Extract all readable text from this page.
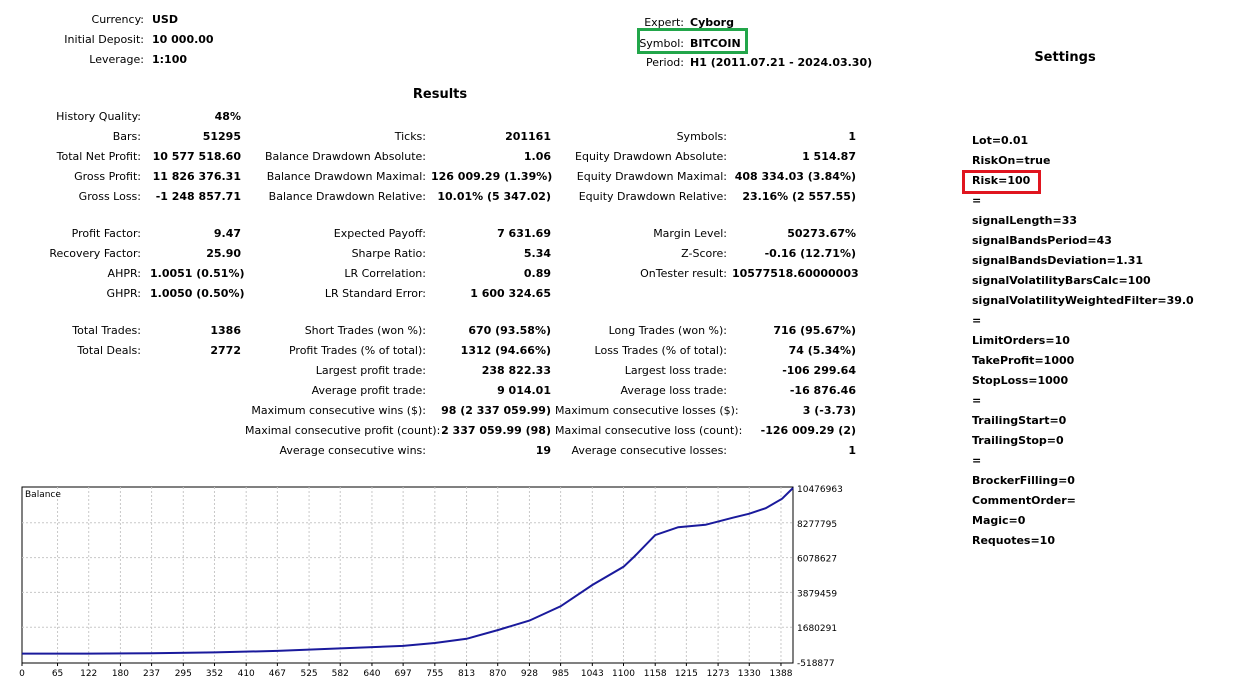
Currency: USD
Initial Deposit: 10 000.00
Leverage: 1:100
Expert: Cyborg
Symbol: BITCOIN
Period: H1 (2011.07.21 - 2024.03.30)
Results
Settings
History Quality:	48%
Bars:	51295	Ticks:	201161	Symbols:	1
Total Net Profit: 10 577 518.60	Balance Drawdown Absolute:	1.06	Equity Drawdown Absolute:	1 514.87
Gross Profit: 11 826 376.31	Balance Drawdown Maximal: 126 009.29 (1.39%)	Equity Drawdown Maximal: 408 334.03 (3.84%)
Gross Loss:	-1 248 857.71	Balance Drawdown Relative:	10.01% (5 347.02)	Equity Drawdown Relative:	23.16% (2 557.55)
Profit Factor:	9.47	Expected Payoff:	7 631.69	Margin Level:	50273.67%
Recovery Factor:	25.90	Sharpe Ratio:	5.34	Z-Score:	-0.16 (12.71%)
AHPR: 1.0051 (0.51%)	LR Correlation:	0.89	OnTester result: 10577518.60000003
GHPR: 1.0050 (0.50%)	LR Standard Error:	1 600 324.65
Total Trades:	1386	Short Trades (won %):	670 (93.58%)	Long Trades (won %):	716 (95.67%)
Total Deals:	2772	Profit Trades (% of total):	1312 (94.66%)	Loss Trades (% of total):	74 (5.34%)
Largest profit trade:	238 822.33	Largest loss trade:	-106 299.64
Average profit trade:	9 014.01	Average loss trade:	-16 876.46
Maximum consecutive wins ($):	98 (2 337 059.99) Maximum consecutive losses ($):	3 (-3.73)
Maximal consecutive profit (count): 2 337 059.99 (98) Maximal consecutive loss (count):	-126 009.29 (2)
Average consecutive wins:	19	Average consecutive losses:	1
Lot=0.01
RiskOn=true
Risk=100
=
signalLength=33
signalBandsPeriod=43
signalBandsDeviation=1.31
signalVolatilityBarsCalc=100
signalVolatilityWeightedFilter=39.0
=
LimitOrders=10
TakeProfit=1000
StopLoss=1000
=
TrailingStart=0
TrailingStop=0
=
BrockerFilling=0
CommentOrder=
Magic=0
Requotes=10
10476963
8277795
6078627
3879459
1680291
-518877
0	65 122 180 237 295 352 410 467 525 582 640 697 755 813 870 928 985 1043 1100 1158 1215 1273 1330 1388
Balance
